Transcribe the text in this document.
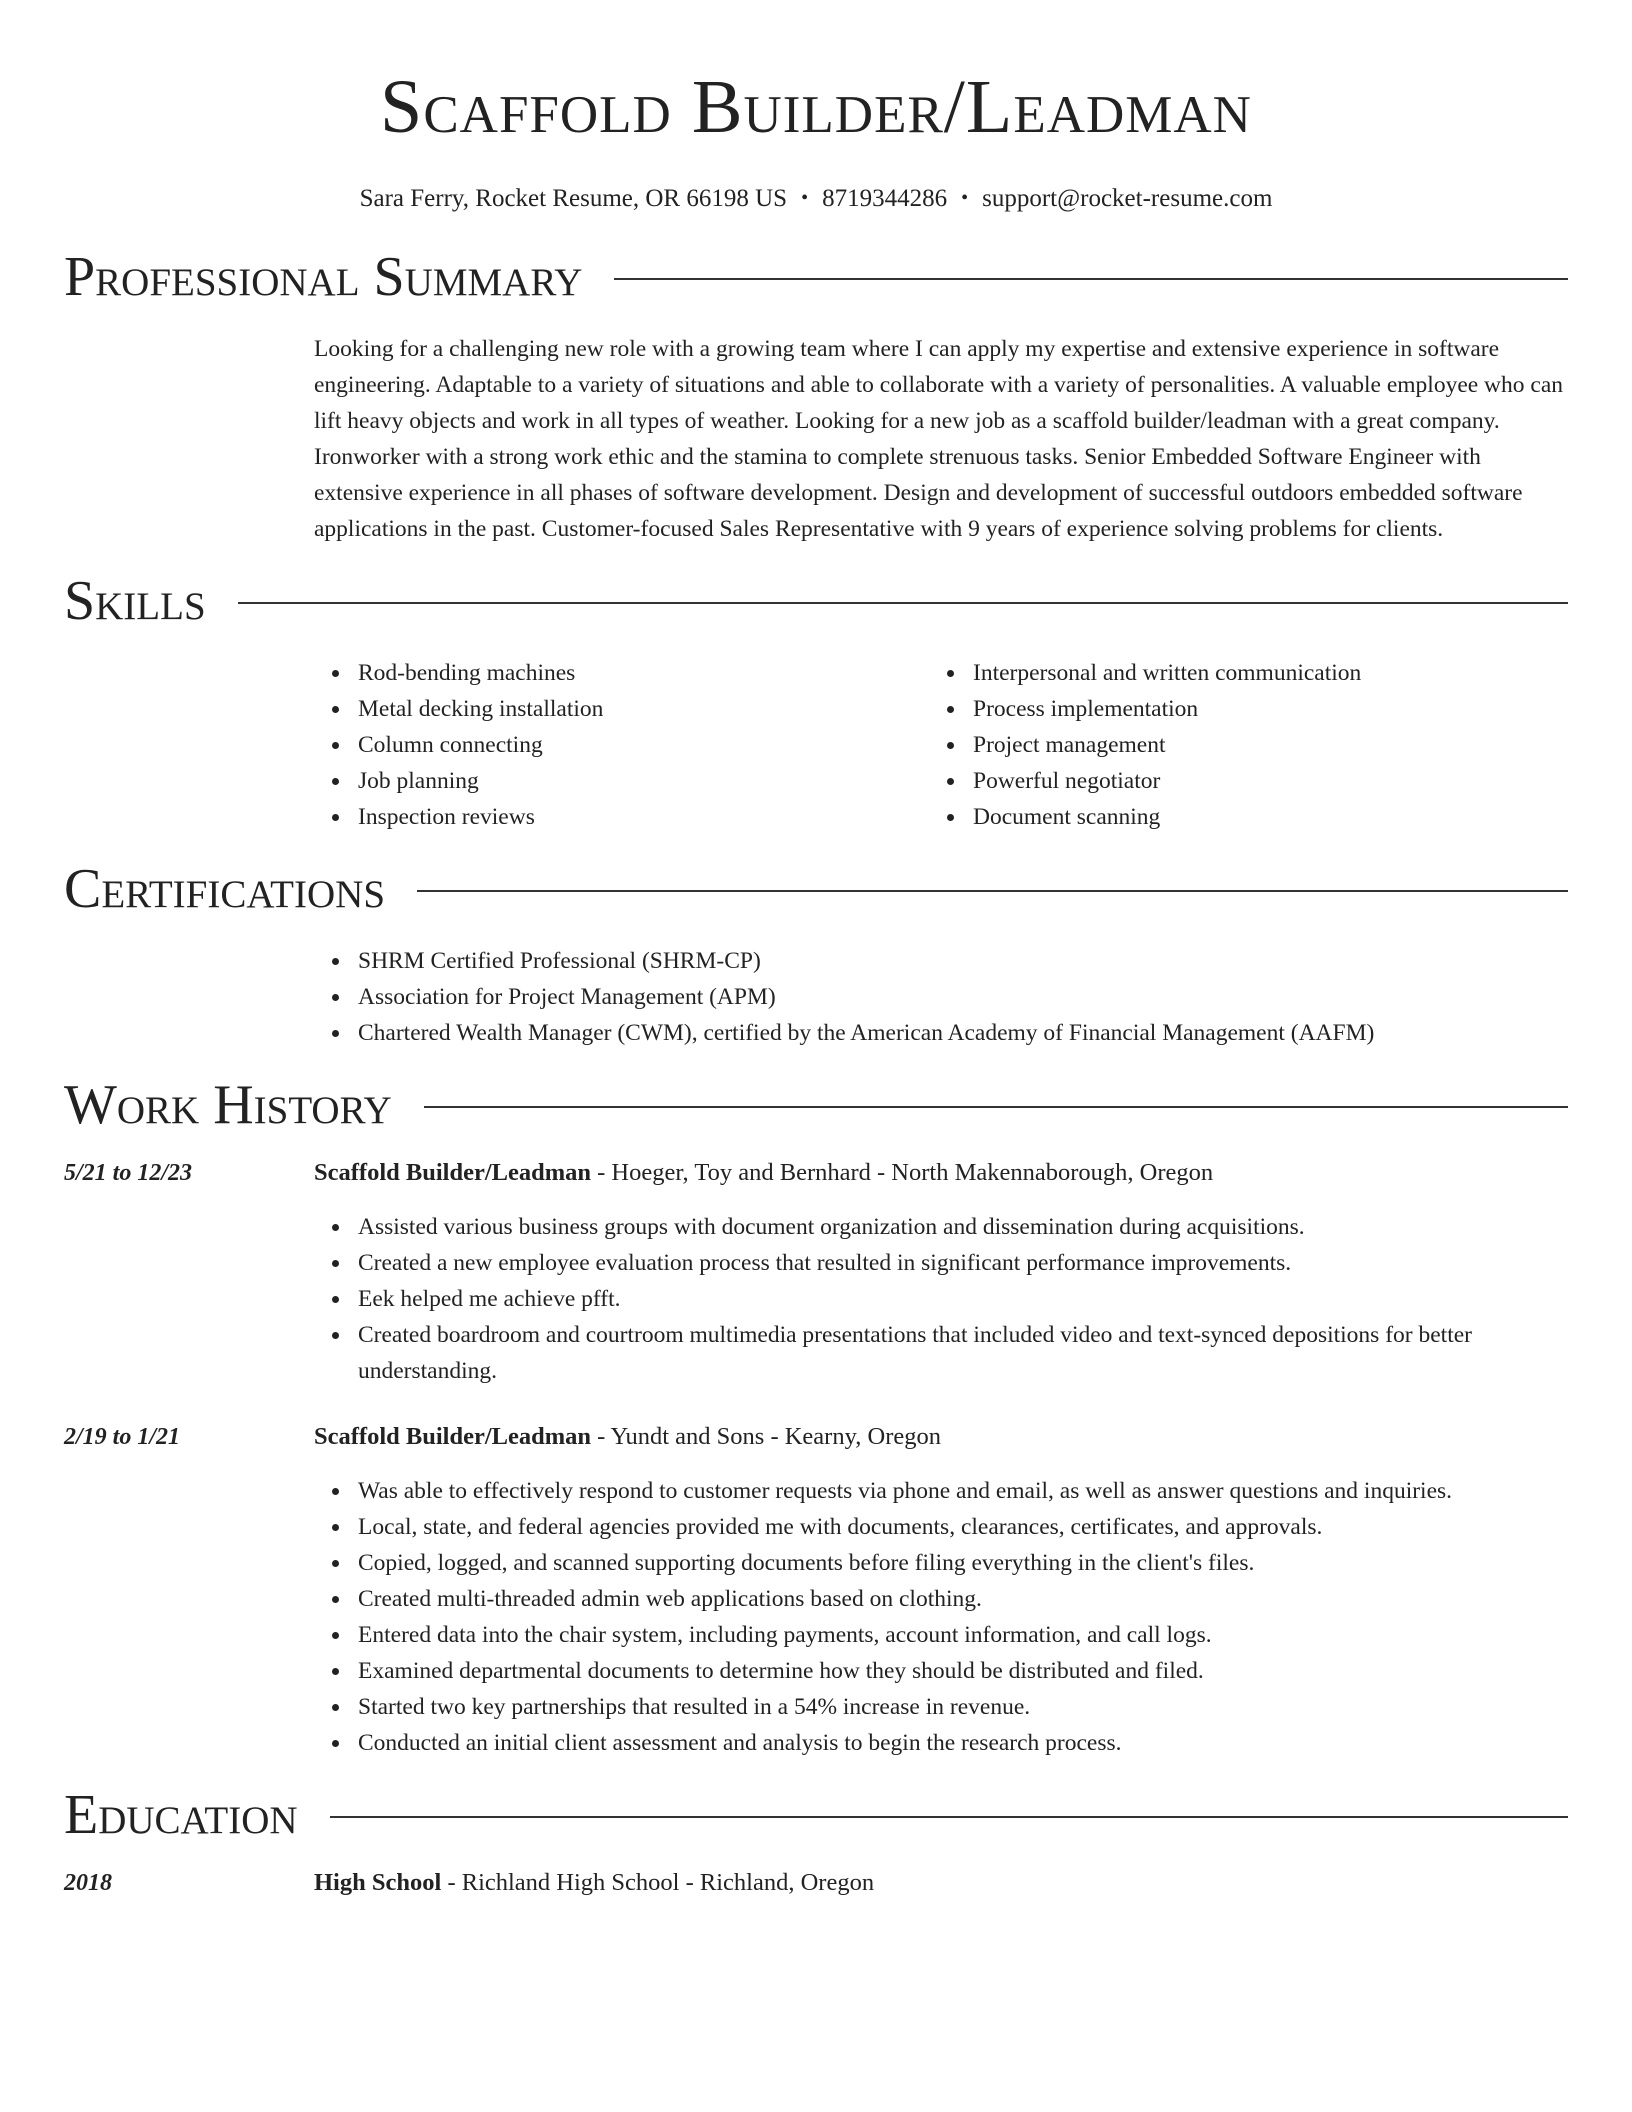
Scaffold Builder/Leadman
Sara Ferry, Rocket Resume, OR 66198 US • 8719344286 • support@rocket-resume.com
Professional Summary

Looking for a challenging new role with a growing team where I can apply my expertise and extensive experience in software engineering. Adaptable to a variety of situations and able to collaborate with a variety of personalities. A valuable employee who can lift heavy objects and work in all types of weather. Looking for a new job as a scaffold builder/leadman with a great company. Ironworker with a strong work ethic and the stamina to complete strenuous tasks. Senior Embedded Software Engineer with extensive experience in all phases of software development. Design and development of successful outdoors embedded software applications in the past. Customer-focused Sales Representative with 9 years of experience solving problems for clients.

Skills
Rod-bending machines
Metal decking installation
Column connecting
Job planning
Inspection reviews
Interpersonal and written communication
Process implementation
Project management
Powerful negotiator
Document scanning
Certifications
SHRM Certified Professional (SHRM-CP)
Association for Project Management (APM)
Chartered Wealth Manager (CWM), certified by the American Academy of Financial Management (AAFM)
Work History
5/21 to 12/23	Scaffold Builder/Leadman - Hoeger, Toy and Bernhard - North Makennaborough, Oregon
Assisted various business groups with document organization and dissemination during acquisitions.
Created a new employee evaluation process that resulted in significant performance improvements.
Eek helped me achieve pfft.
Created boardroom and courtroom multimedia presentations that included video and text-synced depositions for better understanding.
2/19 to 1/21	Scaffold Builder/Leadman - Yundt and Sons - Kearny, Oregon
Was able to effectively respond to customer requests via phone and email, as well as answer questions and inquiries.
Local, state, and federal agencies provided me with documents, clearances, certificates, and approvals.
Copied, logged, and scanned supporting documents before filing everything in the client's files.
Created multi-threaded admin web applications based on clothing.
Entered data into the chair system, including payments, account information, and call logs.
Examined departmental documents to determine how they should be distributed and filed.
Started two key partnerships that resulted in a 54% increase in revenue.
Conducted an initial client assessment and analysis to begin the research process.
Education
2018	High School - Richland High School - Richland, Oregon
